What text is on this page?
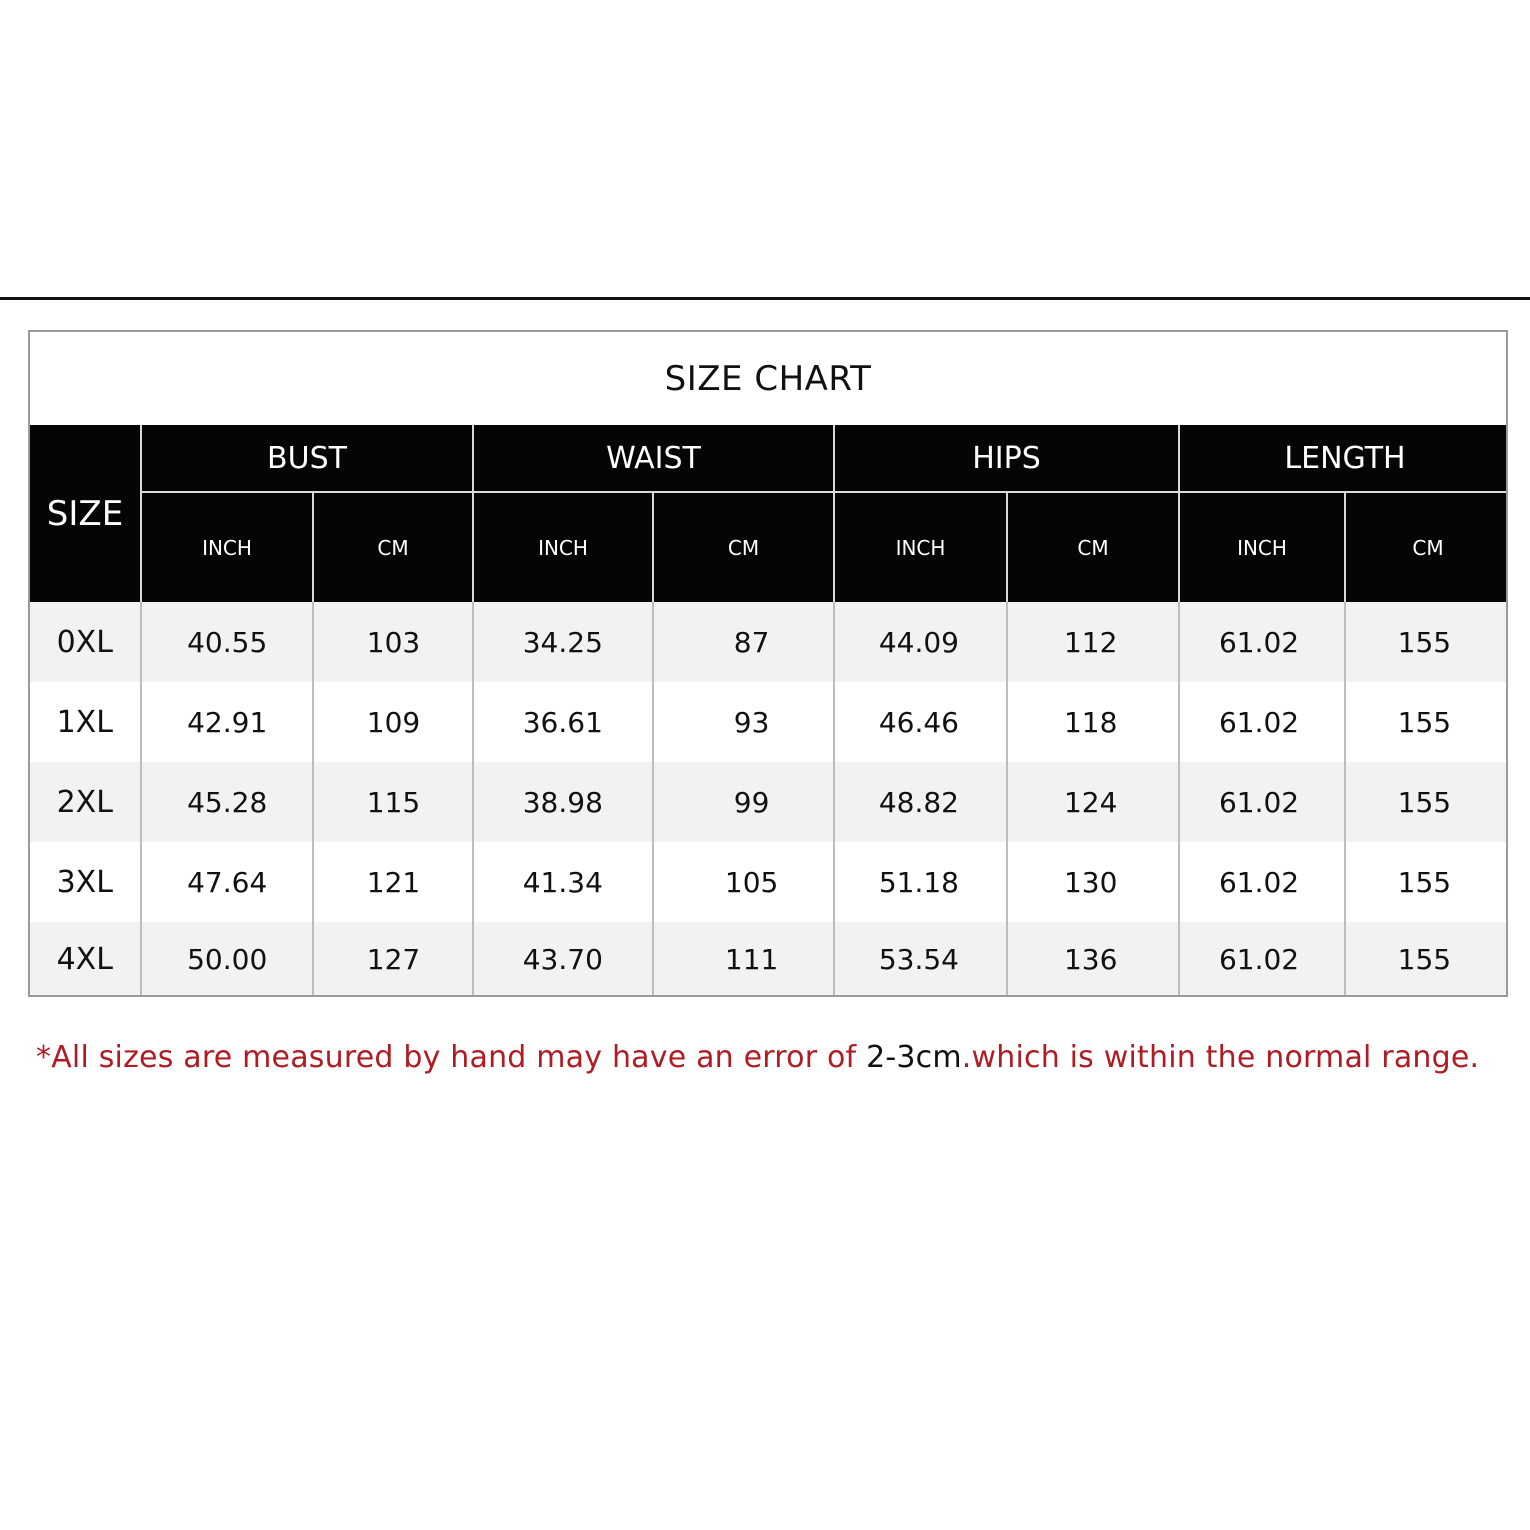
SIZE CHART
SIZE
BUST	WAIST	HIPS	LENGTH
INCH	CM	INCH	CM	INCH	CM	INCH	CM
0XL	40.55	103	34.25	87	44.09	112	61.02	155
1XL	42.91	109	36.61	93	46.46	118	61.02	155
2XL	45.28	115	38.98	99	48.82	124	61.02	155
3XL	47.64	121	41.34	105	51.18	130	61.02	155
4XL	50.00	127	43.70	111	53.54	136	61.02	155
*All sizes are measured by hand may have an error of 2-3cm.which is within the normal range.
